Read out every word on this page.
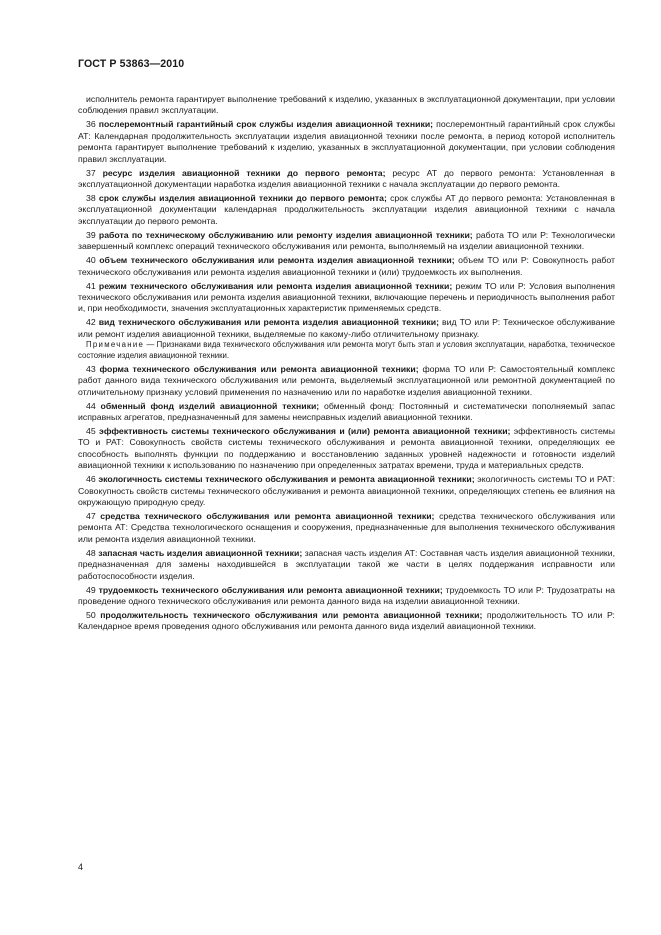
ГОСТ Р 53863—2010

исполнитель ремонта гарантирует выполнение требований к изделию, указанных в эксплуатационной документации, при условии соблюдения правил эксплуатации.

36 послеремонтный гарантийный срок службы изделия авиационной техники; послеремонтный гарантийный срок службы АТ: Календарная продолжительность эксплуатации изделия авиационной техники после ремонта, в период которой исполнитель ремонта гарантирует выполнение требований к изделию, указанных в эксплуатационной документации, при условии соблюдения правил эксплуатации.

37 ресурс изделия авиационной техники до первого ремонта; ресурс АТ до первого ремонта: Установленная в эксплуатационной документации наработка изделия авиационной техники с начала эксплуатации до первого ремонта.

38 срок службы изделия авиационной техники до первого ремонта; срок службы АТ до первого ремонта: Установленная в эксплуатационной документации календарная продолжительность эксплуатации изделия авиационной техники с начала эксплуатации до первого ремонта.

39 работа по техническому обслуживанию или ремонту изделия авиационной техники; работа ТО или Р: Технологически завершенный комплекс операций технического обслуживания или ремонта, выполняемый на изделии авиационной техники.

40 объем технического обслуживания или ремонта изделия авиационной техники; объем ТО или Р: Совокупность работ технического обслуживания или ремонта изделия авиационной техники и (или) трудоемкость их выполнения.

41 режим технического обслуживания или ремонта изделия авиационной техники; режим ТО или Р: Условия выполнения технического обслуживания или ремонта изделия авиационной техники, включающие перечень и периодичность выполнения работ и, при необходимости, значения эксплуатационных характеристик применяемых средств.

42 вид технического обслуживания или ремонта изделия авиационной техники; вид ТО или Р: Техническое обслуживание или ремонт изделия авиационной техники, выделяемые по какому-либо отличительному признаку.

Примечание — Признаками вида технического обслуживания или ремонта могут быть этап и условия эксплуатации, наработка, техническое состояние изделия авиационной техники.

43 форма технического обслуживания или ремонта авиационной техники; форма ТО или Р: Самостоятельный комплекс работ данного вида технического обслуживания или ремонта, выделяемый эксплуатационной или ремонтной документацией по отличительному признаку условий применения по назначению или по наработке изделия авиационной техники.

44 обменный фонд изделий авиационной техники; обменный фонд: Постоянный и систематически пополняемый запас исправных агрегатов, предназначенный для замены неисправных изделий авиационной техники.

45 эффективность системы технического обслуживания и (или) ремонта авиационной техники; эффективность системы ТО и РАТ: Совокупность свойств системы технического обслуживания и ремонта авиационной техники, определяющих ее способность выполнять функции по поддержанию и восстановлению заданных уровней надежности и готовности изделий авиационной техники к использованию по назначению при определенных затратах времени, труда и материальных средств.

46 экологичность системы технического обслуживания и ремонта авиационной техники; экологичность системы ТО и РАТ: Совокупность свойств системы технического обслуживания и ремонта авиационной техники, определяющих степень ее влияния на окружающую природную среду.

47 средства технического обслуживания или ремонта авиационной техники; средства технического обслуживания или ремонта АТ: Средства технологического оснащения и сооружения, предназначенные для выполнения технического обслуживания или ремонта изделия авиационной техники.

48 запасная часть изделия авиационной техники; запасная часть изделия АТ: Составная часть изделия авиационной техники, предназначенная для замены находившейся в эксплуатации такой же части в целях поддержания исправности или работоспособности изделия.

49 трудоемкость технического обслуживания или ремонта авиационной техники; трудоемкость ТО или Р: Трудозатраты на проведение одного технического обслуживания или ремонта данного вида на изделии авиационной техники.

50 продолжительность технического обслуживания или ремонта авиационной техники; продолжительность ТО или Р: Календарное время проведения одного обслуживания или ремонта данного вида изделий авиационной техники.

4
